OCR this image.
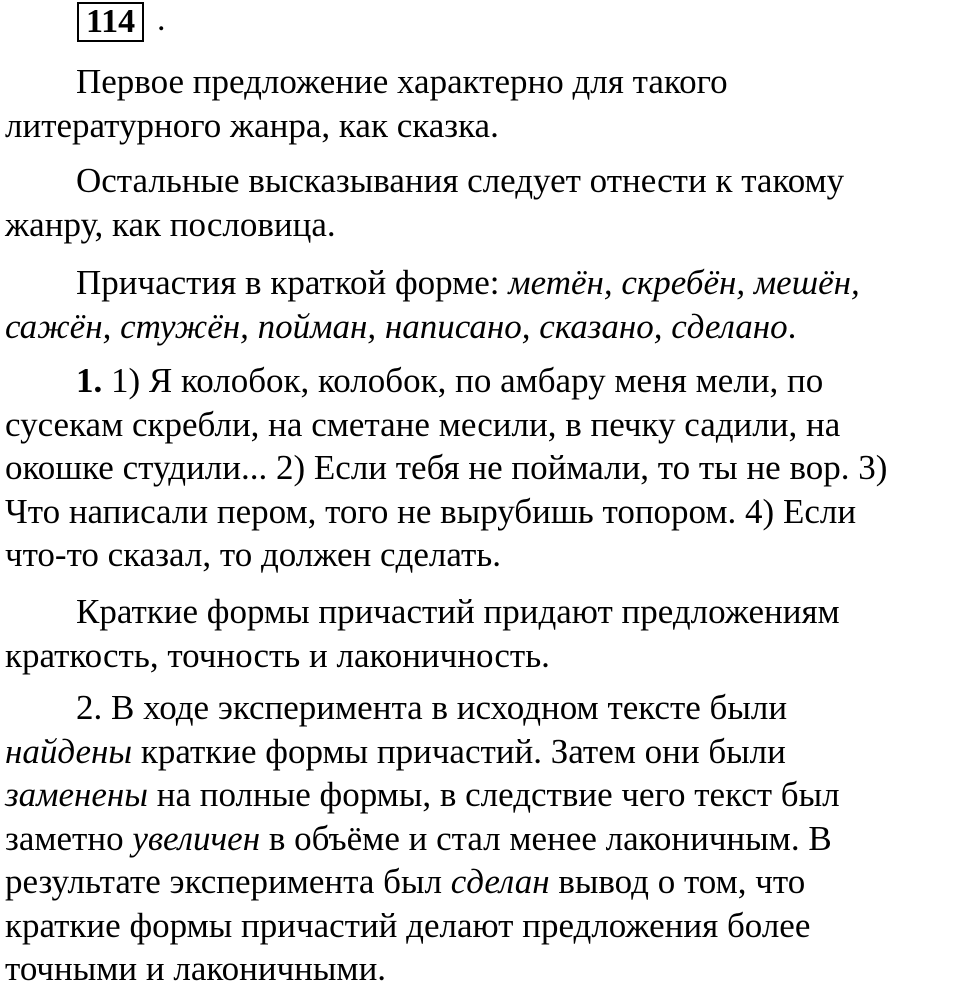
114 .
Первое предложение характерно для такого
литературного жанра, как сказка.
Остальные высказывания следует отнести к такому
жанру, как пословица.
Причастия в краткой форме: метён, скребён, мешён,
сажён, стужён, пойман, написано, сказано, сделано.
1. 1) Я колобок, колобок, по амбару меня мели, по
сусекам скребли, на сметане месили, в печку садили, на
окошке студили... 2) Если тебя не поймали, то ты не вор. 3)
Что написали пером, того не вырубишь топором. 4) Если
что-то сказал, то должен сделать.
Краткие формы причастий придают предложениям
краткость, точность и лаконичность.
2. В ходе эксперимента в исходном тексте были
найдены краткие формы причастий. Затем они были
заменены на полные формы, в следствие чего текст был
заметно увеличен в объёме и стал менее лаконичным. В
результате эксперимента был сделан вывод о том, что
краткие формы причастий делают предложения более
точными и лаконичными.
